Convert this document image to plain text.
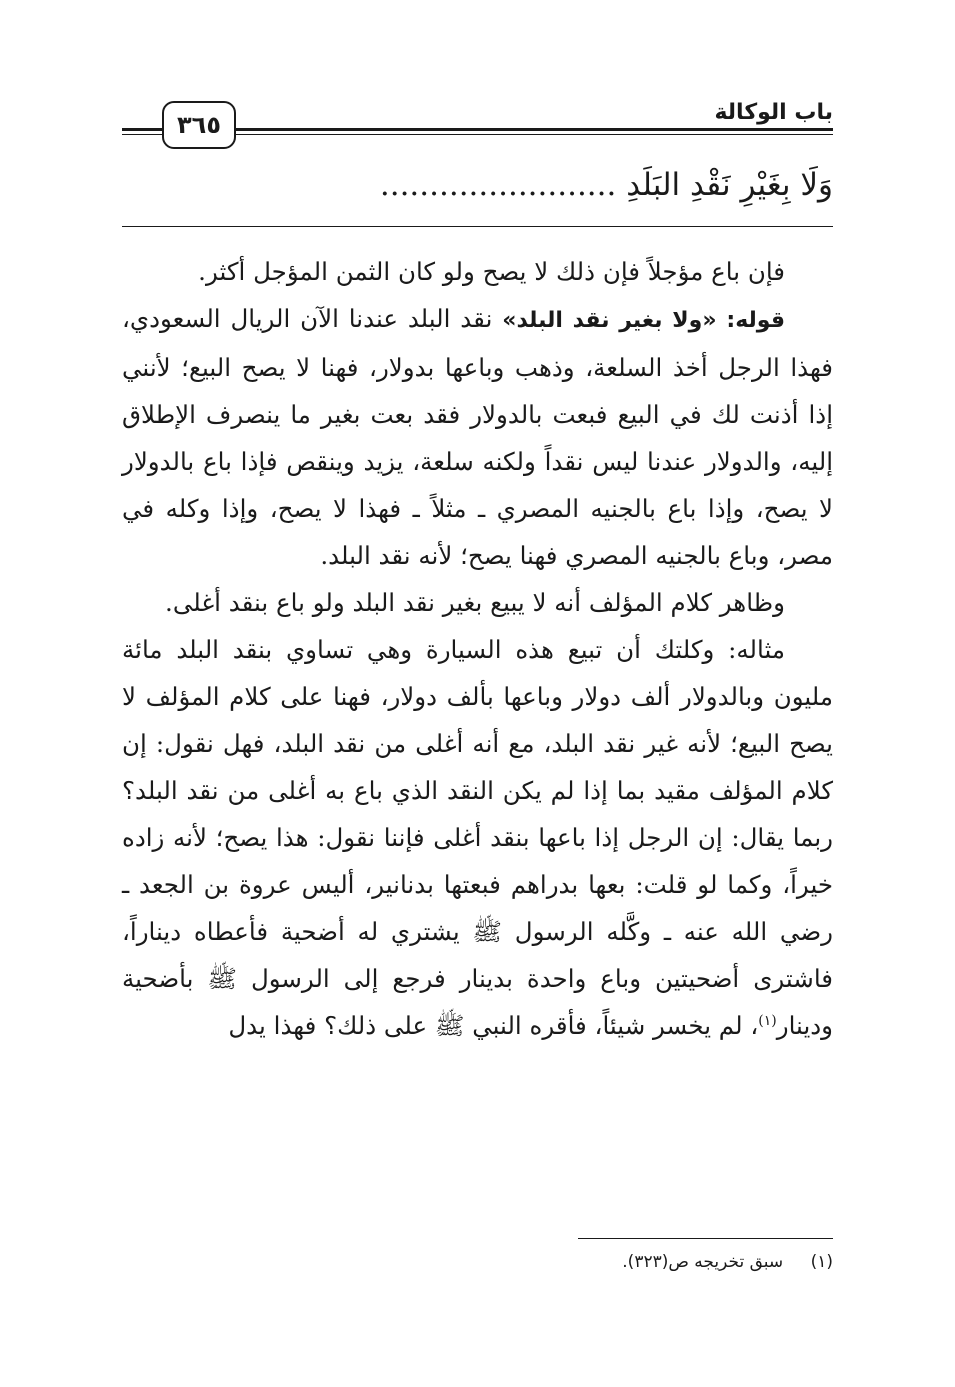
باب الوكالة
٣٦٥
وَلَا بِغَيْرِ نَقْدِ البَلَدِ ........................

فإن باع مؤجلاً فإن ذلك لا يصح ولو كان الثمن المؤجل أكثر.

قوله: «ولا بغير نقد البلد» نقد البلد عندنا الآن الريال السعودي، فهذا الرجل أخذ السلعة، وذهب وباعها بدولار، فهنا لا يصح البيع؛ لأنني إذا أذنت لك في البيع فبعت بالدولار فقد بعت بغير ما ينصرف الإطلاق إليه، والدولار عندنا ليس نقداً ولكنه سلعة، يزيد وينقص فإذا باع بالدولار لا يصح، وإذا باع بالجنيه المصري ـ مثلاً ـ فهذا لا يصح، وإذا وكله في مصر، وباع بالجنيه المصري فهنا يصح؛ لأنه نقد البلد.

وظاهر كلام المؤلف أنه لا يبيع بغير نقد البلد ولو باع بنقد أغلى.

مثاله: وكلتك أن تبيع هذه السيارة وهي تساوي بنقد البلد مائة مليون وبالدولار ألف دولار وباعها بألف دولار، فهنا على كلام المؤلف لا يصح البيع؛ لأنه غير نقد البلد، مع أنه أغلى من نقد البلد، فهل نقول: إن كلام المؤلف مقيد بما إذا لم يكن النقد الذي باع به أغلى من نقد البلد؟ ربما يقال: إن الرجل إذا باعها بنقد أغلى فإننا نقول: هذا يصح؛ لأنه زاده خيراً، وكما لو قلت: بعها بدراهم فبعتها بدنانير، أليس عروة بن الجعد ـ رضي الله عنه ـ وكَّله الرسول ﷺ يشتري له أضحية فأعطاه ديناراً، فاشترى أضحيتين وباع واحدة بدينار فرجع إلى الرسول ﷺ بأضحية ودينار$^{(١)}$، لم يخسر شيئاً، فأقره النبي ﷺ على ذلك؟ فهذا يدل

(١) سبق تخريجه ص(٣٢٣).
